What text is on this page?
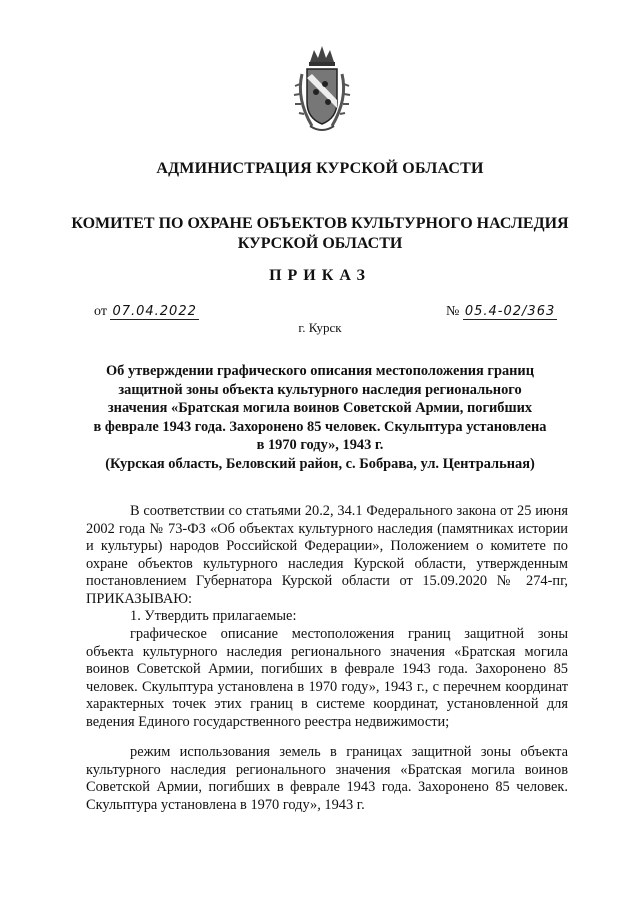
АДМИНИСТРАЦИЯ КУРСКОЙ ОБЛАСТИ
КОМИТЕТ ПО ОХРАНЕ ОБЪЕКТОВ КУЛЬТУРНОГО НАСЛЕДИЯ
КУРСКОЙ ОБЛАСТИ
ПРИКАЗ
от 07.04.2022	№ 05.4-02/363
г. Курск
Об утверждении графического описания местоположения границ
защитной зоны объекта культурного наследия регионального
значения «Братская могила воинов Советской Армии, погибших
в феврале 1943 года. Захоронено 85 человек. Скульптура установлена
в 1970 году», 1943 г.
(Курская область, Беловский район, с. Бобрава, ул. Центральная)
В соответствии со статьями 20.2, 34.1 Федерального закона от 25 июня 2002 года № 73-ФЗ «Об объектах культурного наследия (памятниках истории и культуры) народов Российской Федерации», Положением о комитете по охране объектов культурного наследия Курской области, утвержденным постановлением Губернатора Курской области от 15.09.2020 № 274-пг, ПРИКАЗЫВАЮ:
1. Утвердить прилагаемые:
графическое описание местоположения границ защитной зоны объекта культурного наследия регионального значения «Братская могила воинов Советской Армии, погибших в феврале 1943 года. Захоронено 85 человек. Скульптура установлена в 1970 году», 1943 г., с перечнем координат характерных точек этих границ в системе координат, установленной для ведения Единого государственного реестра недвижимости;
режим использования земель в границах защитной зоны объекта культурного наследия регионального значения «Братская могила воинов Советской Армии, погибших в феврале 1943 года. Захоронено 85 человек. Скульптура установлена в 1970 году», 1943 г.
